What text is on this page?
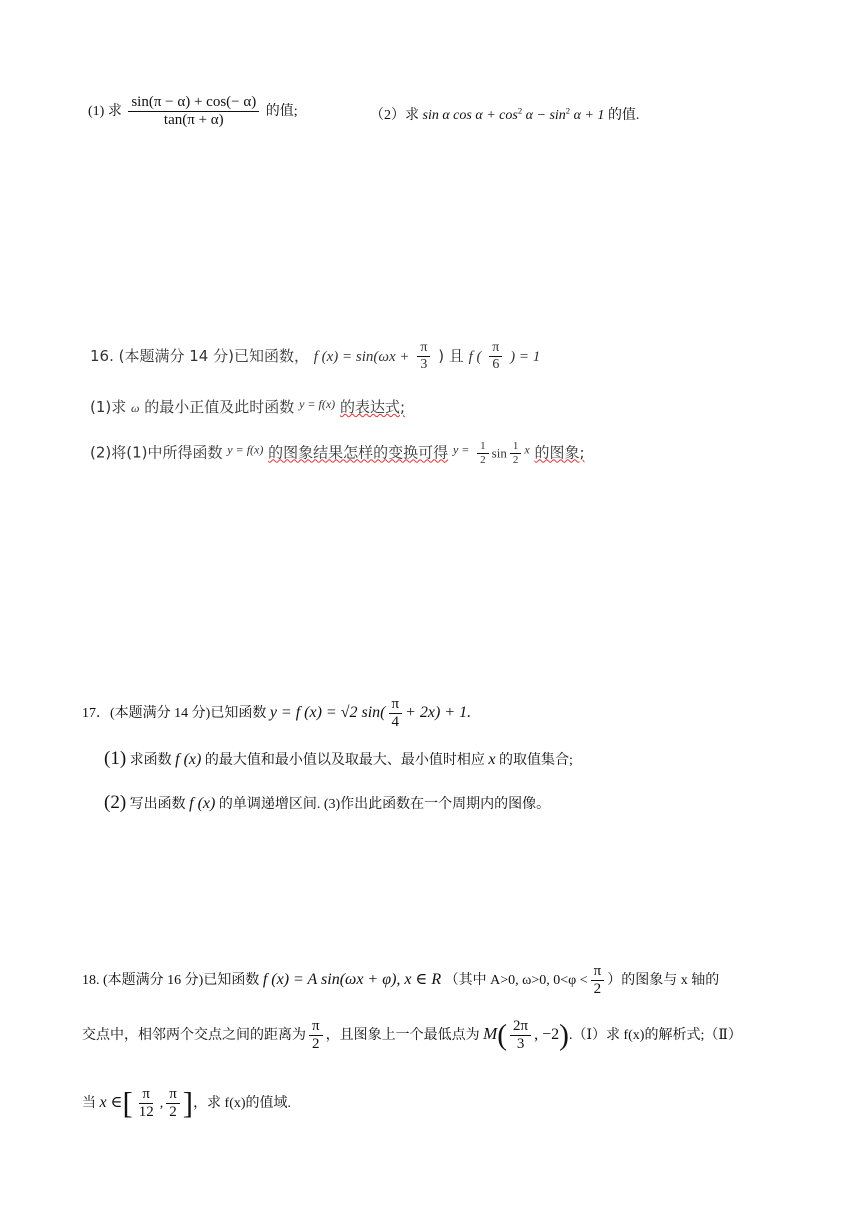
(1) 求 $\frac{\sin(\pi - \alpha) + \cos(- \alpha)}{\tan(\pi + \alpha)}$ 的值;	（2）求 sin α $\cos \alpha + \cos^2 \alpha - \sin^2 \alpha + 1$ 的值.
16. (本题满分 14 分)已知函数， f $(x) = \sin(\omega x + \frac{\pi}{3}$ ) 且 f ( $\frac{\pi}{6}$ ) = 1
(1)求 ω 的最小正值及此时函数 $^{y = f(x)}$ 的表达式;
(2)将(1)中所得函数 $^{y = f(x)}$ 的图象结果怎样的变换可得 $^{y =} \frac{1}{2}$ $\sin \frac{1}{2} ^x$ 的图象;
17．(本题满分 14 分)已知函数 y = f (x) = √2 $\sin( \frac{\pi}{4} + 2x) + 1$.
(1) 求函数 f (x) 的最大值和最小值以及取最大、最小值时相应 x 的取值集合;
(2) 写出函数 f (x) 的单调递增区间. (3)作出此函数在一个周期内的图像。
18. (本题满分 16 分)已知函数 f (x) = A sin(ωx + φ), x ∈ R （其中 A>0, ω>0, $0<\varphi < \frac{\pi}{2}$ ）的图象与 x 轴的
交点中，相邻两个交点之间的距离为 $\frac{\pi}{2}$ ，且图象上一个最低点为 $M( \frac{2\pi}{3}$ , −2).（Ⅰ）求 f(x)的解析式;（Ⅱ）
当 x ∈[ $\frac{\pi}{12}$ , $\frac{\pi}{2}$ ]，求 f(x)的值域.
